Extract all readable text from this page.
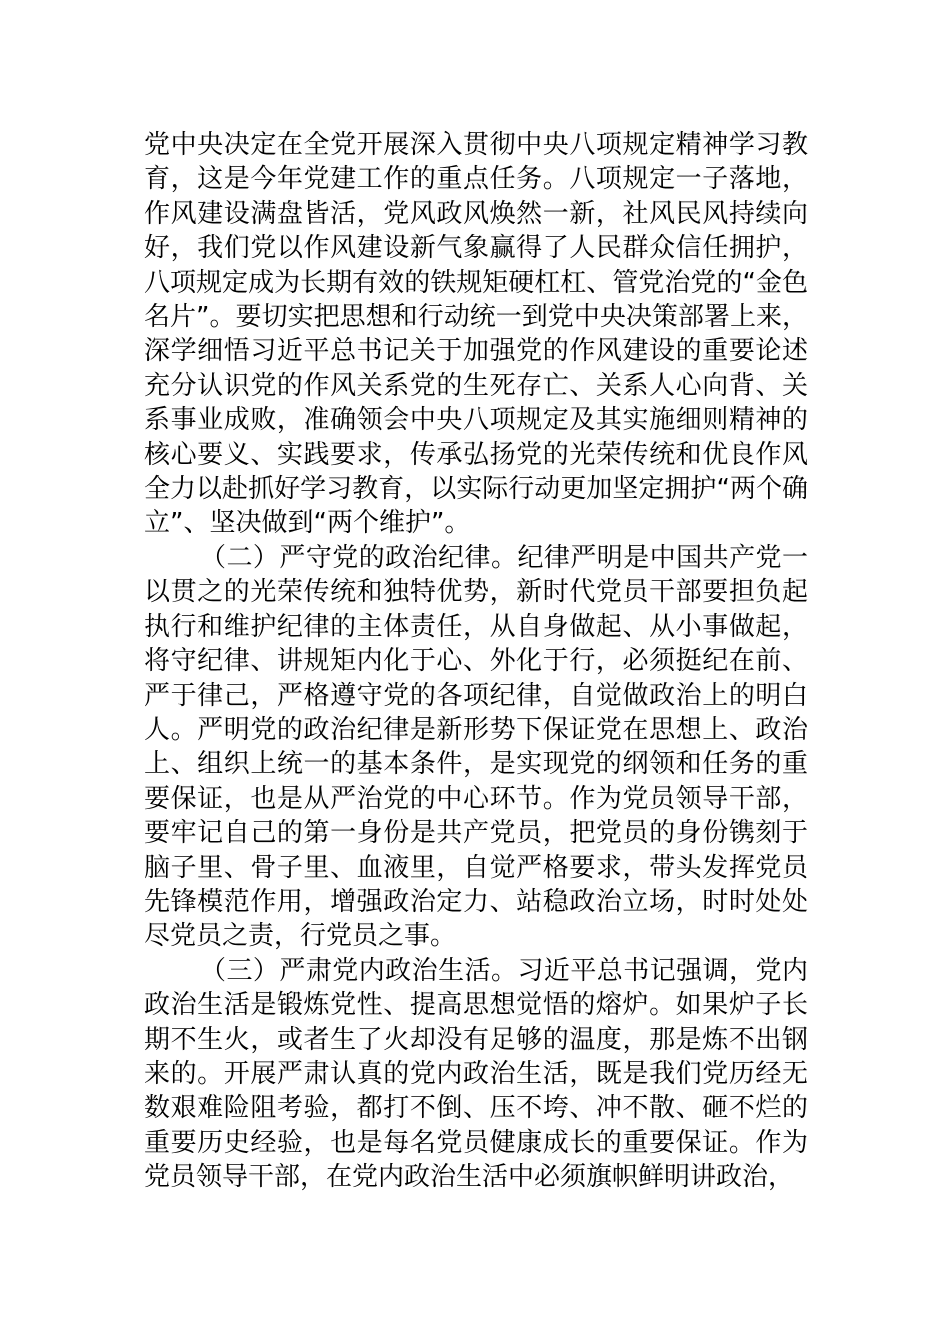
党中央决定在全党开展深入贯彻中央八项规定精神学习教育，这是今年党建工作的重点任务。八项规定一子落地，作风建设满盘皆活，党风政风焕然一新，社风民风持续向好，我们党以作风建设新气象赢得了人民群众信任拥护，八项规定成为长期有效的铁规矩硬杠杠、管党治党的“金色名片”。要切实把思想和行动统一到党中央决策部署上来，深学细悟习近平总书记关于加强党的作风建设的重要论述充分认识党的作风关系党的生死存亡、关系人心向背、关系事业成败，准确领会中央八项规定及其实施细则精神的核心要义、实践要求，传承弘扬党的光荣传统和优良作风全力以赴抓好学习教育，以实际行动更加坚定拥护“两个确立”、坚决做到“两个维护”。

（二）严守党的政治纪律。纪律严明是中国共产党一以贯之的光荣传统和独特优势，新时代党员干部要担负起执行和维护纪律的主体责任，从自身做起、从小事做起，将守纪律、讲规矩内化于心、外化于行，必须挺纪在前、严于律己，严格遵守党的各项纪律，自觉做政治上的明白人。严明党的政治纪律是新形势下保证党在思想上、政治上、组织上统一的基本条件，是实现党的纲领和任务的重要保证，也是从严治党的中心环节。作为党员领导干部，要牢记自己的第一身份是共产党员，把党员的身份镌刻于脑子里、骨子里、血液里，自觉严格要求，带头发挥党员先锋模范作用，增强政治定力、站稳政治立场，时时处处尽党员之责，行党员之事。

（三）严肃党内政治生活。习近平总书记强调，党内政治生活是锻炼党性、提高思想觉悟的熔炉。如果炉子长期不生火，或者生了火却没有足够的温度，那是炼不出钢来的。开展严肃认真的党内政治生活，既是我们党历经无数艰难险阻考验，都打不倒、压不垮、冲不散、砸不烂的重要历史经验，也是每名党员健康成长的重要保证。作为党员领导干部，在党内政治生活中必须旗帜鲜明讲政治，
